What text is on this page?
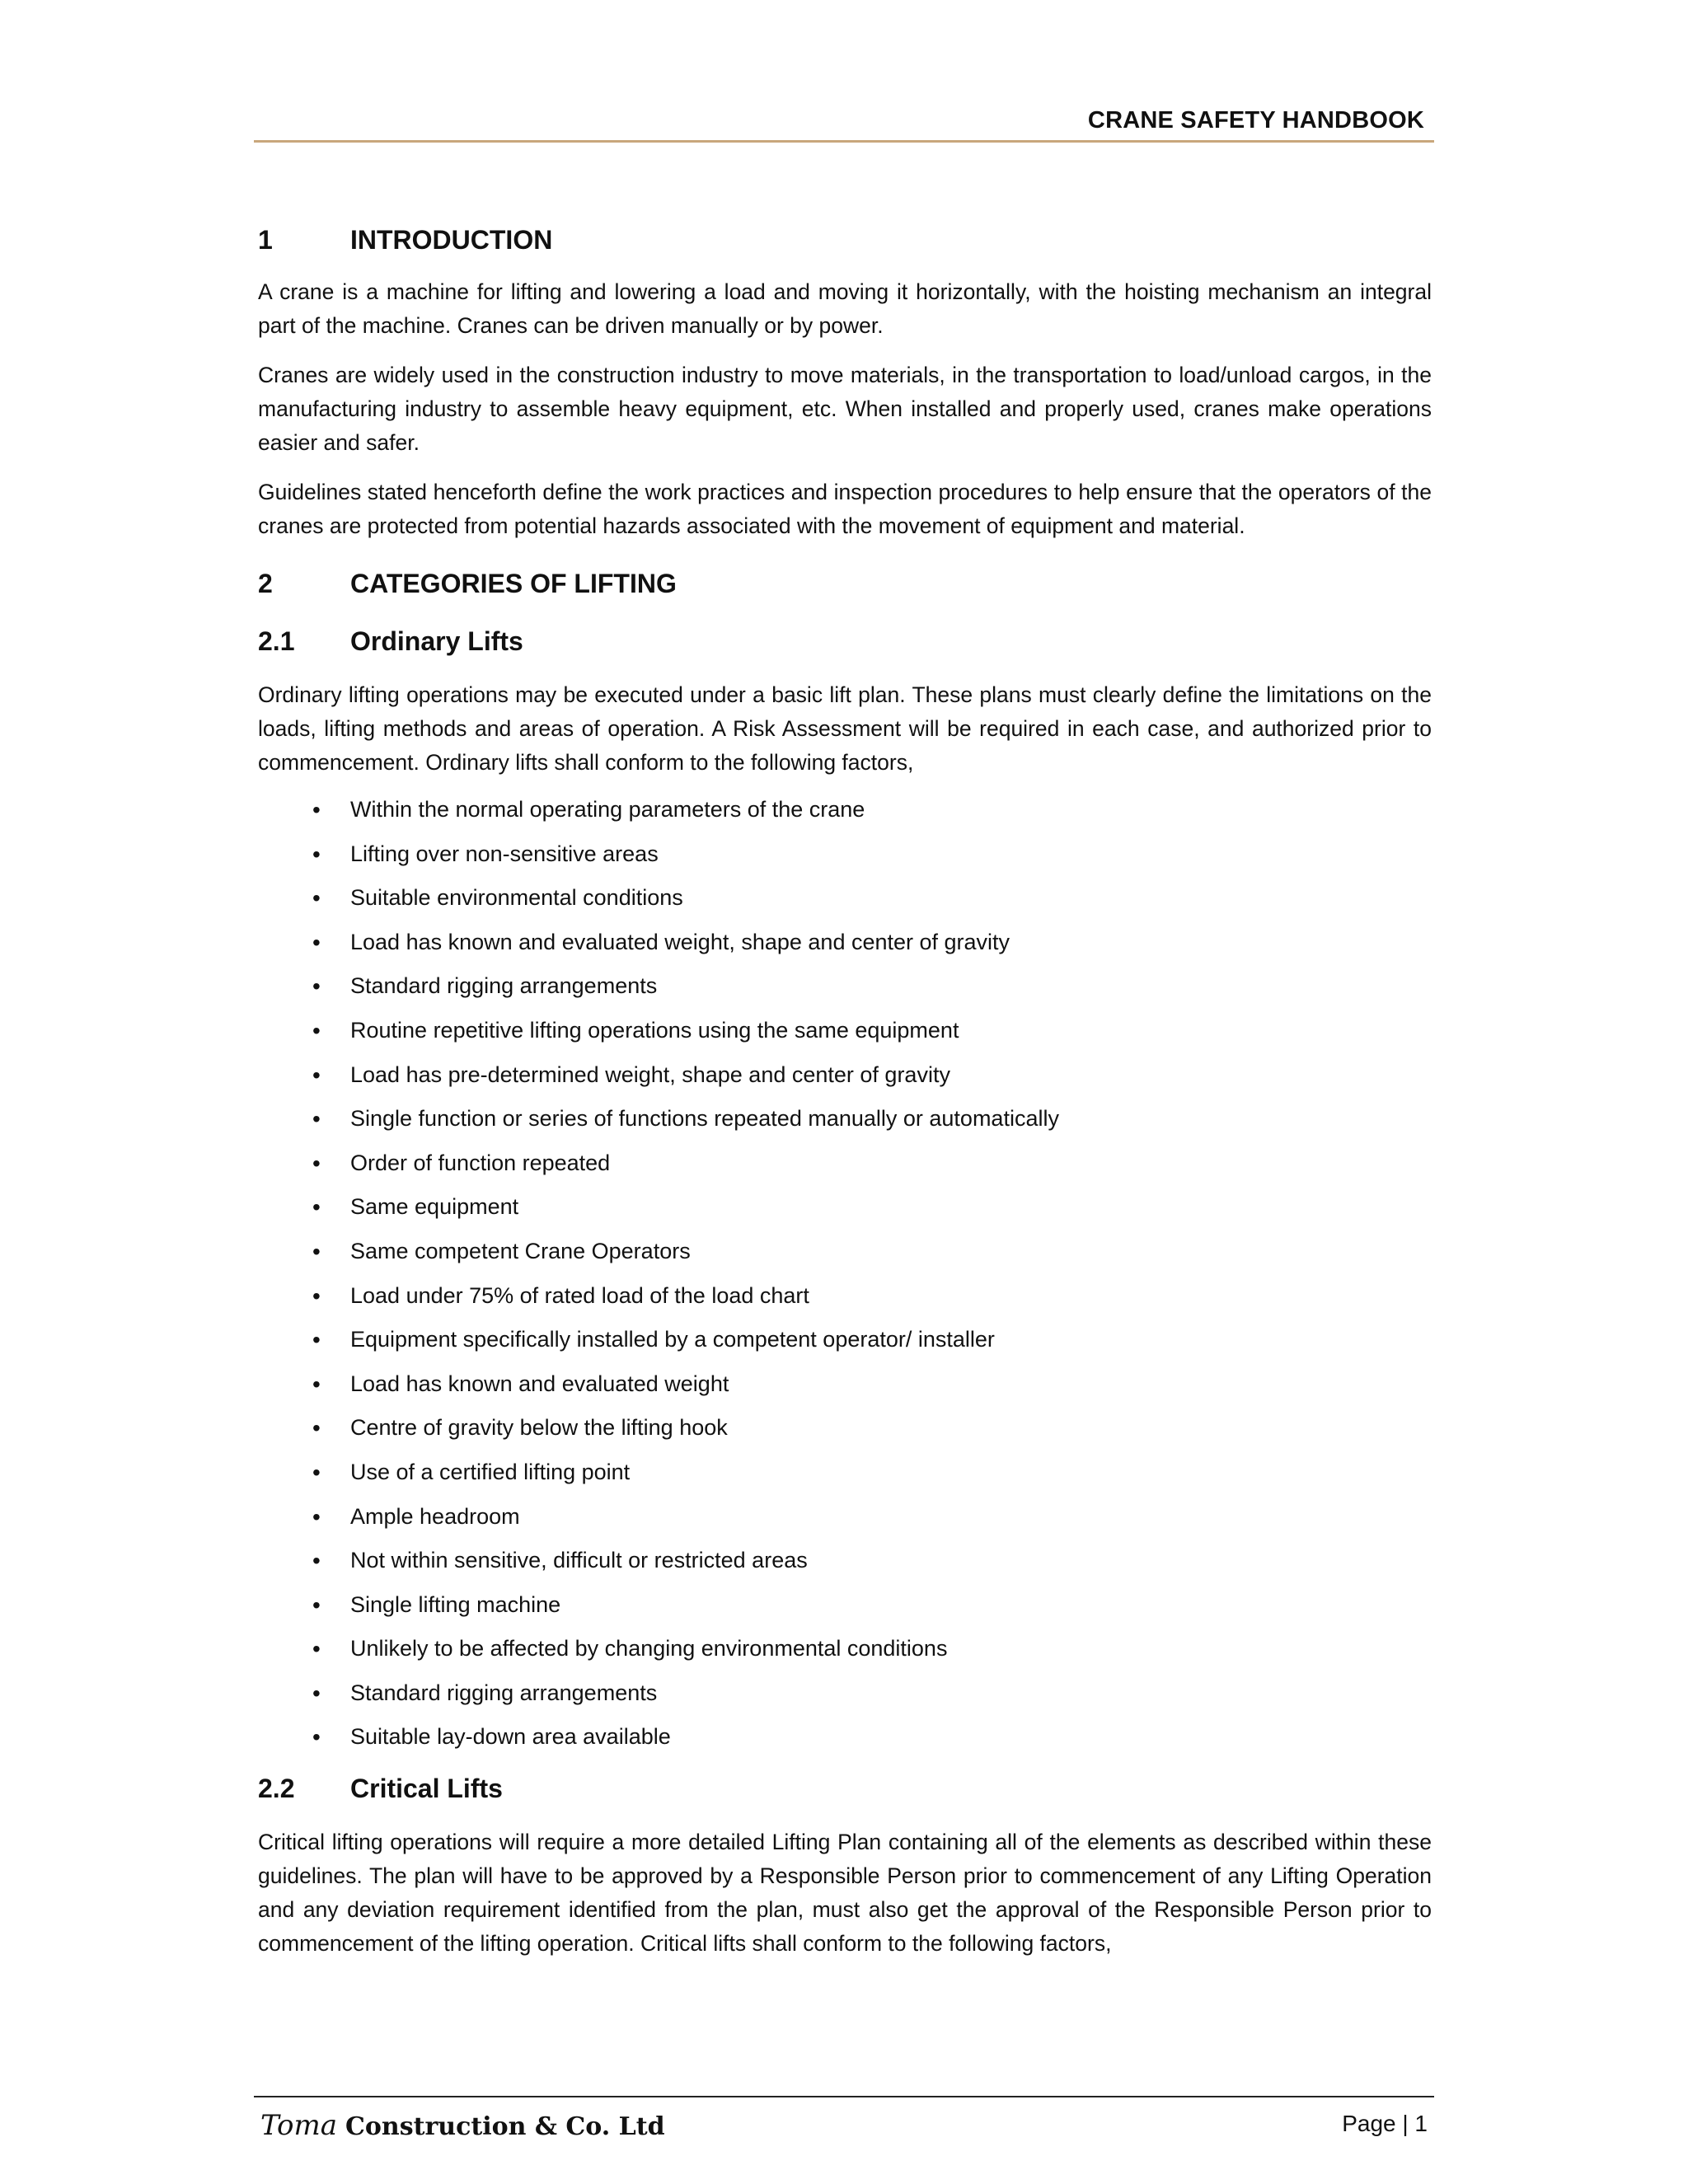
CRANE SAFETY HANDBOOK
1	INTRODUCTION

A crane is a machine for lifting and lowering a load and moving it horizontally, with the hoisting mechanism an integral part of the machine. Cranes can be driven manually or by power.

Cranes are widely used in the construction industry to move materials, in the transportation to load/unload cargos, in the manufacturing industry to assemble heavy equipment, etc. When installed and properly used, cranes make operations easier and safer.

Guidelines stated henceforth define the work practices and inspection procedures to help ensure that the operators of the cranes are protected from potential hazards associated with the movement of equipment and material.

2	CATEGORIES OF LIFTING
2.1	Ordinary Lifts

Ordinary lifting operations may be executed under a basic lift plan. These plans must clearly define the limitations on the loads, lifting methods and areas of operation. A Risk Assessment will be required in each case, and authorized prior to commencement. Ordinary lifts shall conform to the following factors,

• Within the normal operating parameters of the crane
• Lifting over non-sensitive areas
• Suitable environmental conditions
• Load has known and evaluated weight, shape and center of gravity
• Standard rigging arrangements
• Routine repetitive lifting operations using the same equipment
• Load has pre-determined weight, shape and center of gravity
• Single function or series of functions repeated manually or automatically
• Order of function repeated
• Same equipment
• Same competent Crane Operators
• Load under 75% of rated load of the load chart
• Equipment specifically installed by a competent operator/ installer
• Load has known and evaluated weight
• Centre of gravity below the lifting hook
• Use of a certified lifting point
• Ample headroom
• Not within sensitive, difficult or restricted areas
• Single lifting machine
• Unlikely to be affected by changing environmental conditions
• Standard rigging arrangements
• Suitable lay-down area available
2.2	Critical Lifts

Critical lifting operations will require a more detailed Lifting Plan containing all of the elements as described within these guidelines. The plan will have to be approved by a Responsible Person prior to commencement of any Lifting Operation and any deviation requirement identified from the plan, must also get the approval of the Responsible Person prior to commencement of the lifting operation. Critical lifts shall conform to the following factors,

Toma Construction & Co. Ltd	Page | 1
